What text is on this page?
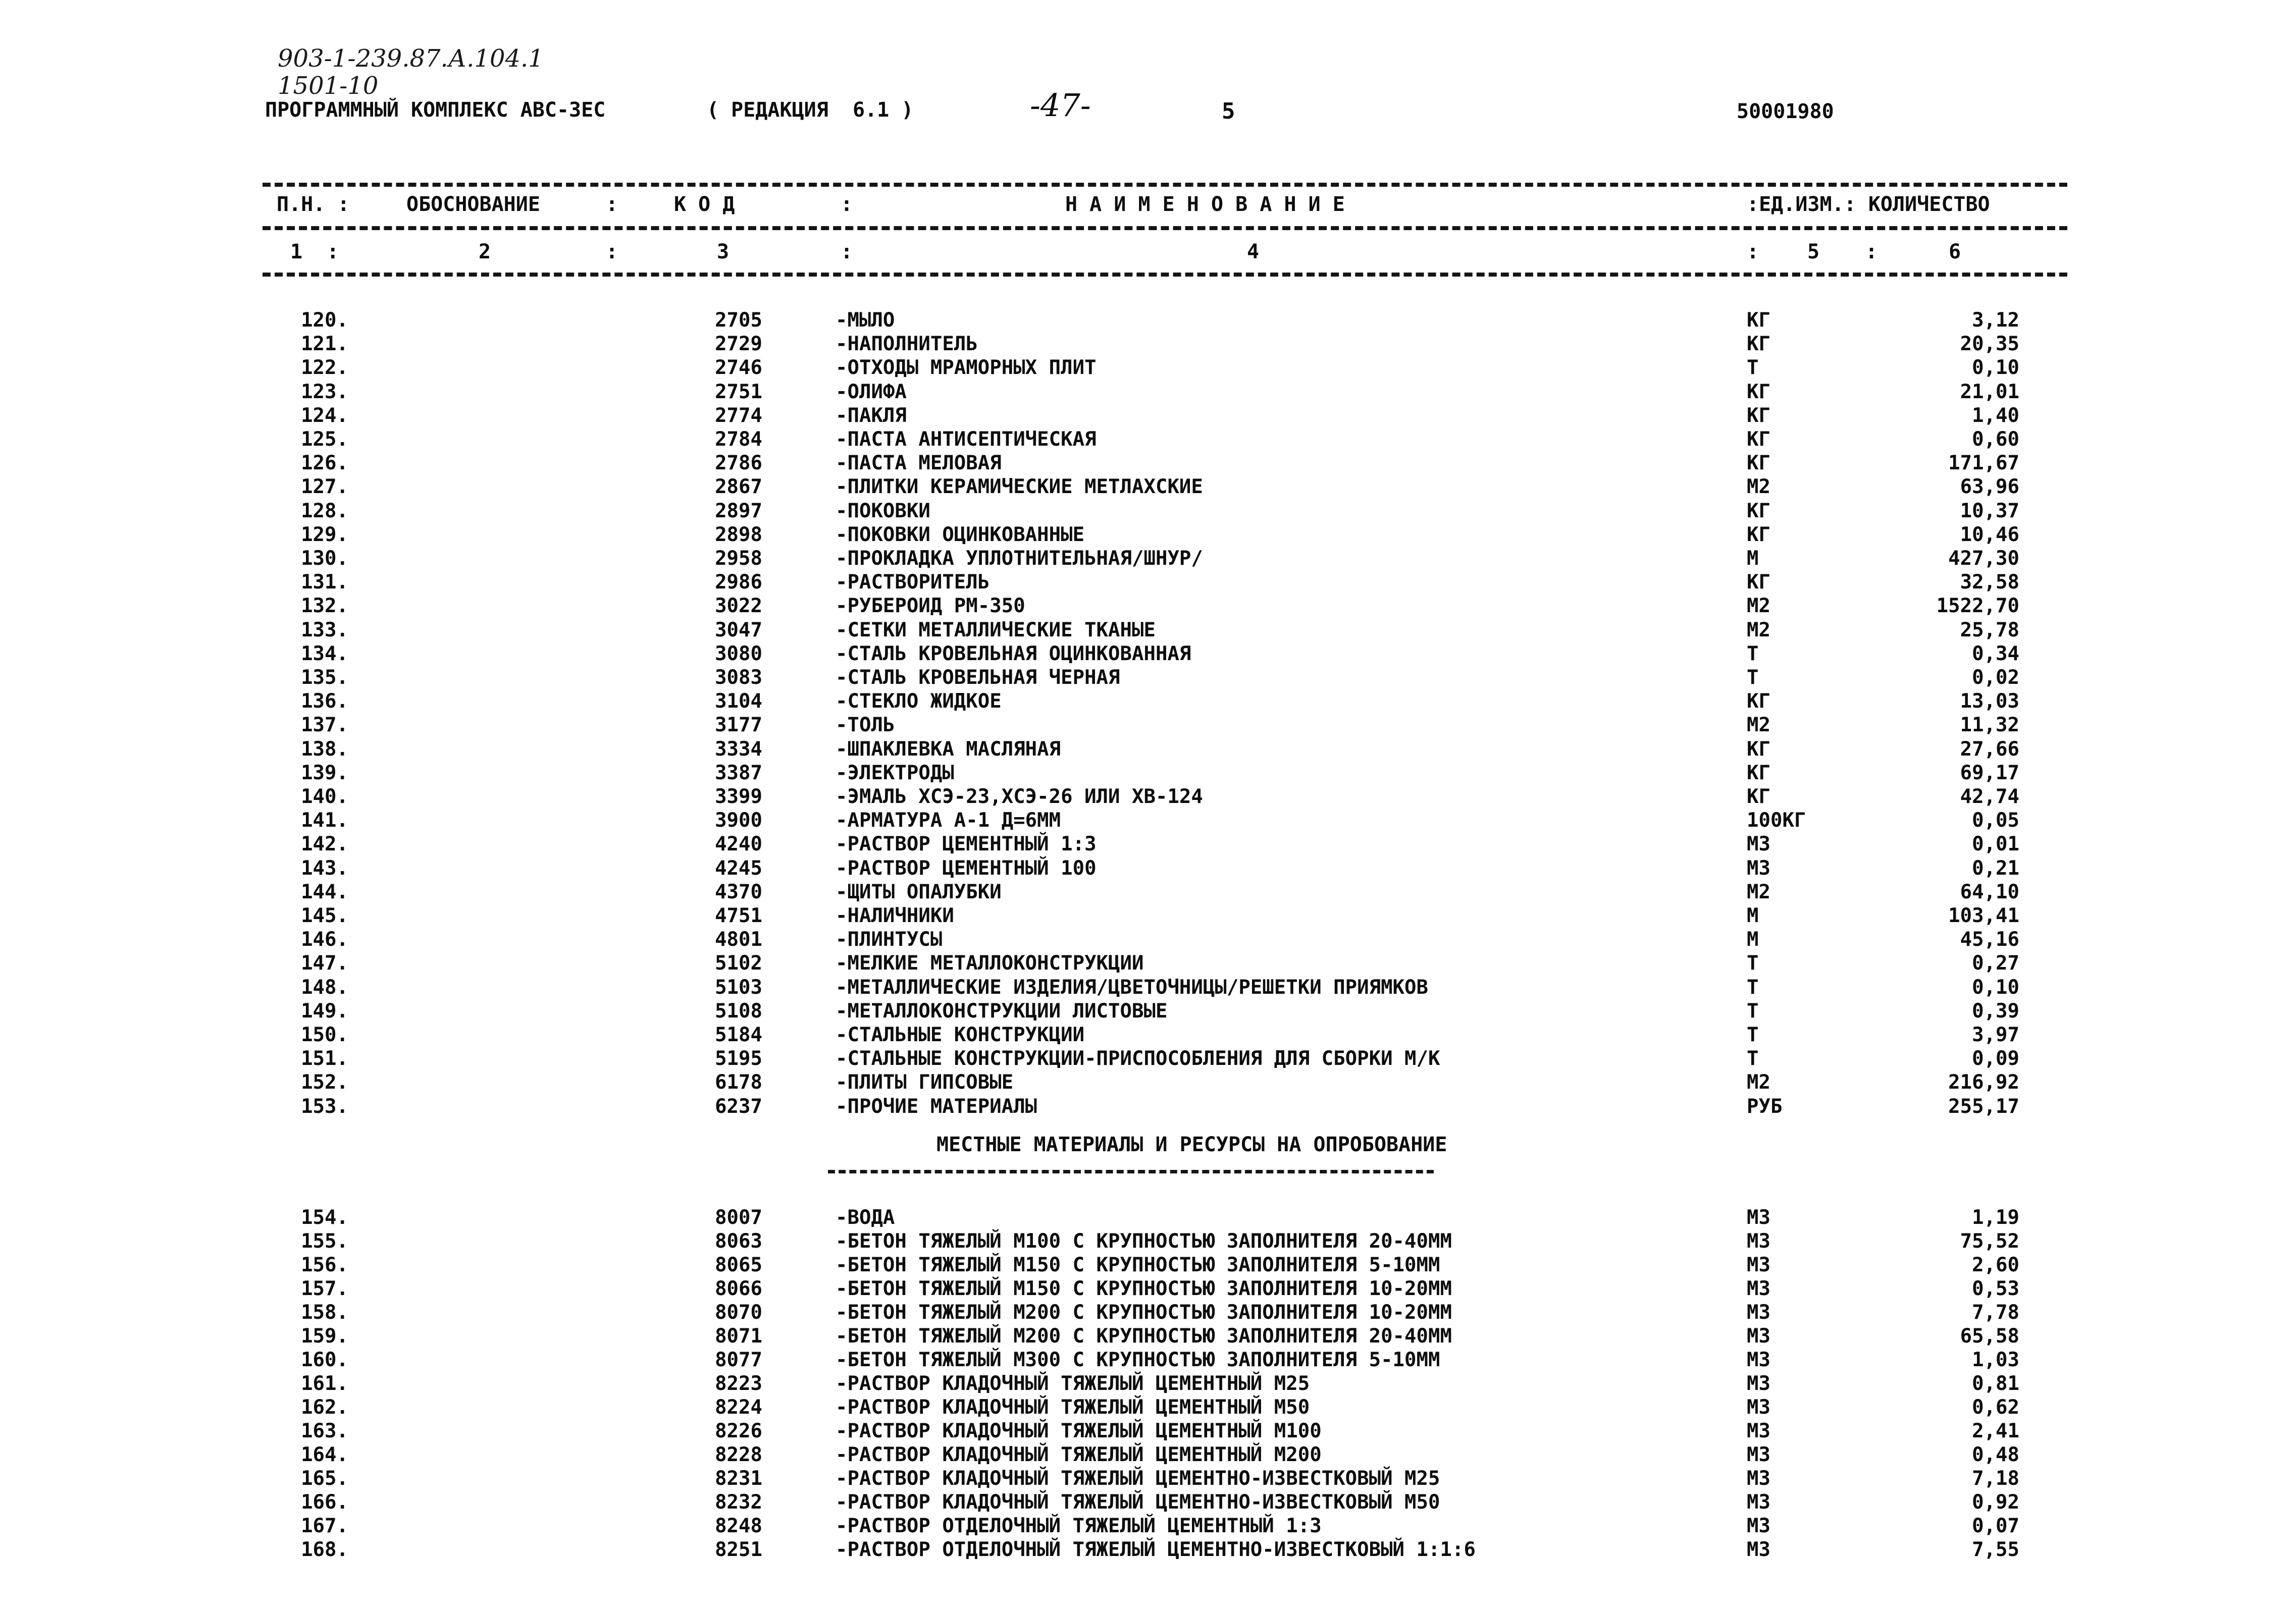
903-1-239.87.А.104.1
1501-10
ПРОГРАММНЫЙ КОМПЛЕКС АВС-3ЕС	( РЕДАКЦИЯ  6.1 )	-47-	5	50001980
П.Н. :	ОБОСНОВАНИЕ	:	К О Д	:	Н А И М Е Н О В А Н И Е	:ЕД.ИЗМ.: КОЛИЧЕСТВО
1  :	2	:	3	:	4	: 5 :	6
120.	2705	-МЫЛО	КГ	3,12
121.	2729	-НАПОЛНИТЕЛЬ	КГ	20,35
122.	2746	-ОТХОДЫ МРАМОРНЫХ ПЛИТ	Т	0,10
123.	2751	-ОЛИФА	КГ	21,01
124.	2774	-ПАКЛЯ	КГ	1,40
125.	2784	-ПАСТА АНТИСЕПТИЧЕСКАЯ	КГ	0,60
126.	2786	-ПАСТА МЕЛОВАЯ	КГ	171,67
127.	2867	-ПЛИТКИ КЕРАМИЧЕСКИЕ МЕТЛАХСКИЕ	М2	63,96
128.	2897	-ПОКОВКИ	КГ	10,37
129.	2898	-ПОКОВКИ ОЦИНКОВАННЫЕ	КГ	10,46
130.	2958	-ПРОКЛАДКА УПЛОТНИТЕЛЬНАЯ/ШНУР/	М	427,30
131.	2986	-РАСТВОРИТЕЛЬ	КГ	32,58
132.	3022	-РУБЕРОИД РМ-350	М2	1522,70
133.	3047	-СЕТКИ МЕТАЛЛИЧЕСКИЕ ТКАНЫЕ	М2	25,78
134.	3080	-СТАЛЬ КРОВЕЛЬНАЯ ОЦИНКОВАННАЯ	Т	0,34
135.	3083	-СТАЛЬ КРОВЕЛЬНАЯ ЧЕРНАЯ	Т	0,02
136.	3104	-СТЕКЛО ЖИДКОЕ	КГ	13,03
137.	3177	-ТОЛЬ	М2	11,32
138.	3334	-ШПАКЛЕВКА МАСЛЯНАЯ	КГ	27,66
139.	3387	-ЭЛЕКТРОДЫ	КГ	69,17
140.	3399	-ЭМАЛЬ ХСЭ-23,ХСЭ-26 ИЛИ ХВ-124	КГ	42,74
141.	3900	-АРМАТУРА А-1 Д=6ММ	100КГ	0,05
142.	4240	-РАСТВОР ЦЕМЕНТНЫЙ 1:3	М3	0,01
143.	4245	-РАСТВОР ЦЕМЕНТНЫЙ 100	М3	0,21
144.	4370	-ЩИТЫ ОПАЛУБКИ	М2	64,10
145.	4751	-НАЛИЧНИКИ	М	103,41
146.	4801	-ПЛИНТУСЫ	М	45,16
147.	5102	-МЕЛКИЕ МЕТАЛЛОКОНСТРУКЦИИ	Т	0,27
148.	5103	-МЕТАЛЛИЧЕСКИЕ ИЗДЕЛИЯ/ЦВЕТОЧНИЦЫ/РЕШЕТКИ ПРИЯМКОВ	Т	0,10
149.	5108	-МЕТАЛЛОКОНСТРУКЦИИ ЛИСТОВЫЕ	Т	0,39
150.	5184	-СТАЛЬНЫЕ КОНСТРУКЦИИ	Т	3,97
151.	5195	-СТАЛЬНЫЕ КОНСТРУКЦИИ-ПРИСПОСОБЛЕНИЯ ДЛЯ СБОРКИ М/К	Т	0,09
152.	6178	-ПЛИТЫ ГИПСОВЫЕ	М2	216,92
153.	6237	-ПРОЧИЕ МАТЕРИАЛЫ	РУБ	255,17
МЕСТНЫЕ МАТЕРИАЛЫ И РЕСУРСЫ НА ОПРОБОВАНИЕ
154.	8007	-ВОДА	М3	1,19
155.	8063	-БЕТОН ТЯЖЕЛЫЙ М100 С КРУПНОСТЬЮ ЗАПОЛНИТЕЛЯ 20-40ММ	М3	75,52
156.	8065	-БЕТОН ТЯЖЕЛЫЙ М150 С КРУПНОСТЬЮ ЗАПОЛНИТЕЛЯ 5-10ММ	М3	2,60
157.	8066	-БЕТОН ТЯЖЕЛЫЙ М150 С КРУПНОСТЬЮ ЗАПОЛНИТЕЛЯ 10-20ММ	М3	0,53
158.	8070	-БЕТОН ТЯЖЕЛЫЙ М200 С КРУПНОСТЬЮ ЗАПОЛНИТЕЛЯ 10-20ММ	М3	7,78
159.	8071	-БЕТОН ТЯЖЕЛЫЙ М200 С КРУПНОСТЬЮ ЗАПОЛНИТЕЛЯ 20-40ММ	М3	65,58
160.	8077	-БЕТОН ТЯЖЕЛЫЙ М300 С КРУПНОСТЬЮ ЗАПОЛНИТЕЛЯ 5-10ММ	М3	1,03
161.	8223	-РАСТВОР КЛАДОЧНЫЙ ТЯЖЕЛЫЙ ЦЕМЕНТНЫЙ М25	М3	0,81
162.	8224	-РАСТВОР КЛАДОЧНЫЙ ТЯЖЕЛЫЙ ЦЕМЕНТНЫЙ М50	М3	0,62
163.	8226	-РАСТВОР КЛАДОЧНЫЙ ТЯЖЕЛЫЙ ЦЕМЕНТНЫЙ М100	М3	2,41
164.	8228	-РАСТВОР КЛАДОЧНЫЙ ТЯЖЕЛЫЙ ЦЕМЕНТНЫЙ М200	М3	0,48
165.	8231	-РАСТВОР КЛАДОЧНЫЙ ТЯЖЕЛЫЙ ЦЕМЕНТНО-ИЗВЕСТКОВЫЙ М25	М3	7,18
166.	8232	-РАСТВОР КЛАДОЧНЫЙ ТЯЖЕЛЫЙ ЦЕМЕНТНО-ИЗВЕСТКОВЫЙ М50	М3	0,92
167.	8248	-РАСТВОР ОТДЕЛОЧНЫЙ ТЯЖЕЛЫЙ ЦЕМЕНТНЫЙ 1:3	М3	0,07
168.	8251	-РАСТВОР ОТДЕЛОЧНЫЙ ТЯЖЕЛЫЙ ЦЕМЕНТНО-ИЗВЕСТКОВЫЙ 1:1:6	М3	7,55
